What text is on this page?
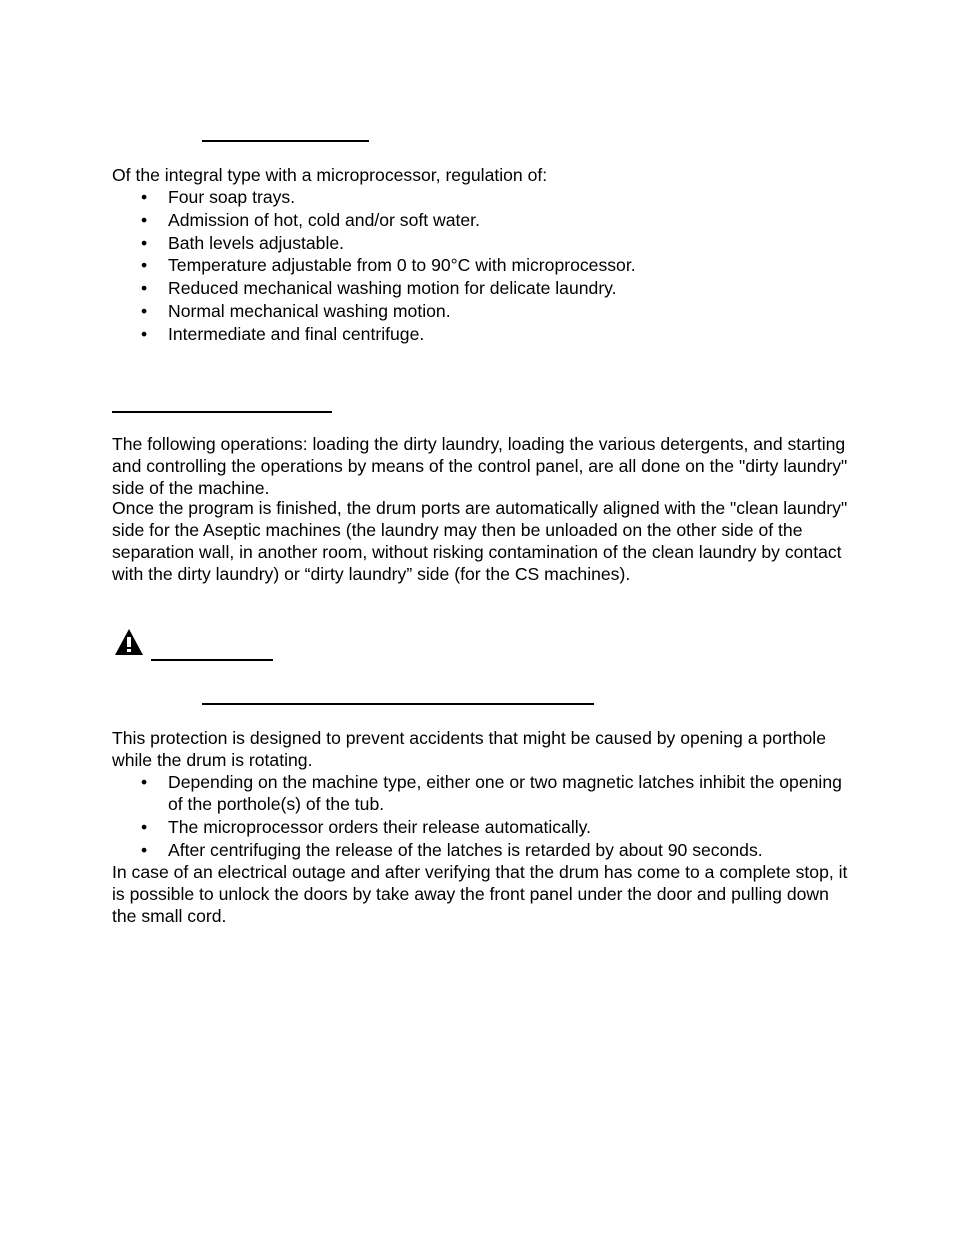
Of the integral type with a microprocessor, regulation of:

• Four soap trays.
• Admission of hot, cold and/or soft water.
• Bath levels adjustable.
• Temperature adjustable from 0 to 90°C with microprocessor.
• Reduced mechanical washing motion for delicate laundry.
• Normal mechanical washing motion.
• Intermediate and final centrifuge.

The following operations: loading the dirty laundry, loading the various detergents, and starting and controlling the operations by means of the control panel, are all done on the "dirty laundry" side of the machine.

Once the program is finished, the drum ports are automatically aligned with the "clean laundry" side for the Aseptic machines (the laundry may then be unloaded on the other side of the separation wall, in another room, without risking contamination of the clean laundry by contact with the dirty laundry) or “dirty laundry” side (for the CS machines).

This protection is designed to prevent accidents that might be caused by opening a porthole while the drum is rotating.

• Depending on the machine type, either one or two magnetic latches inhibit the opening of the porthole(s) of the tub.
• The microprocessor orders their release automatically.
• After centrifuging the release of the latches is retarded by about 90 seconds.

In case of an electrical outage and after verifying that the drum has come to a complete stop, it is possible to unlock the doors by take away the front panel under the door and pulling down the small cord.
